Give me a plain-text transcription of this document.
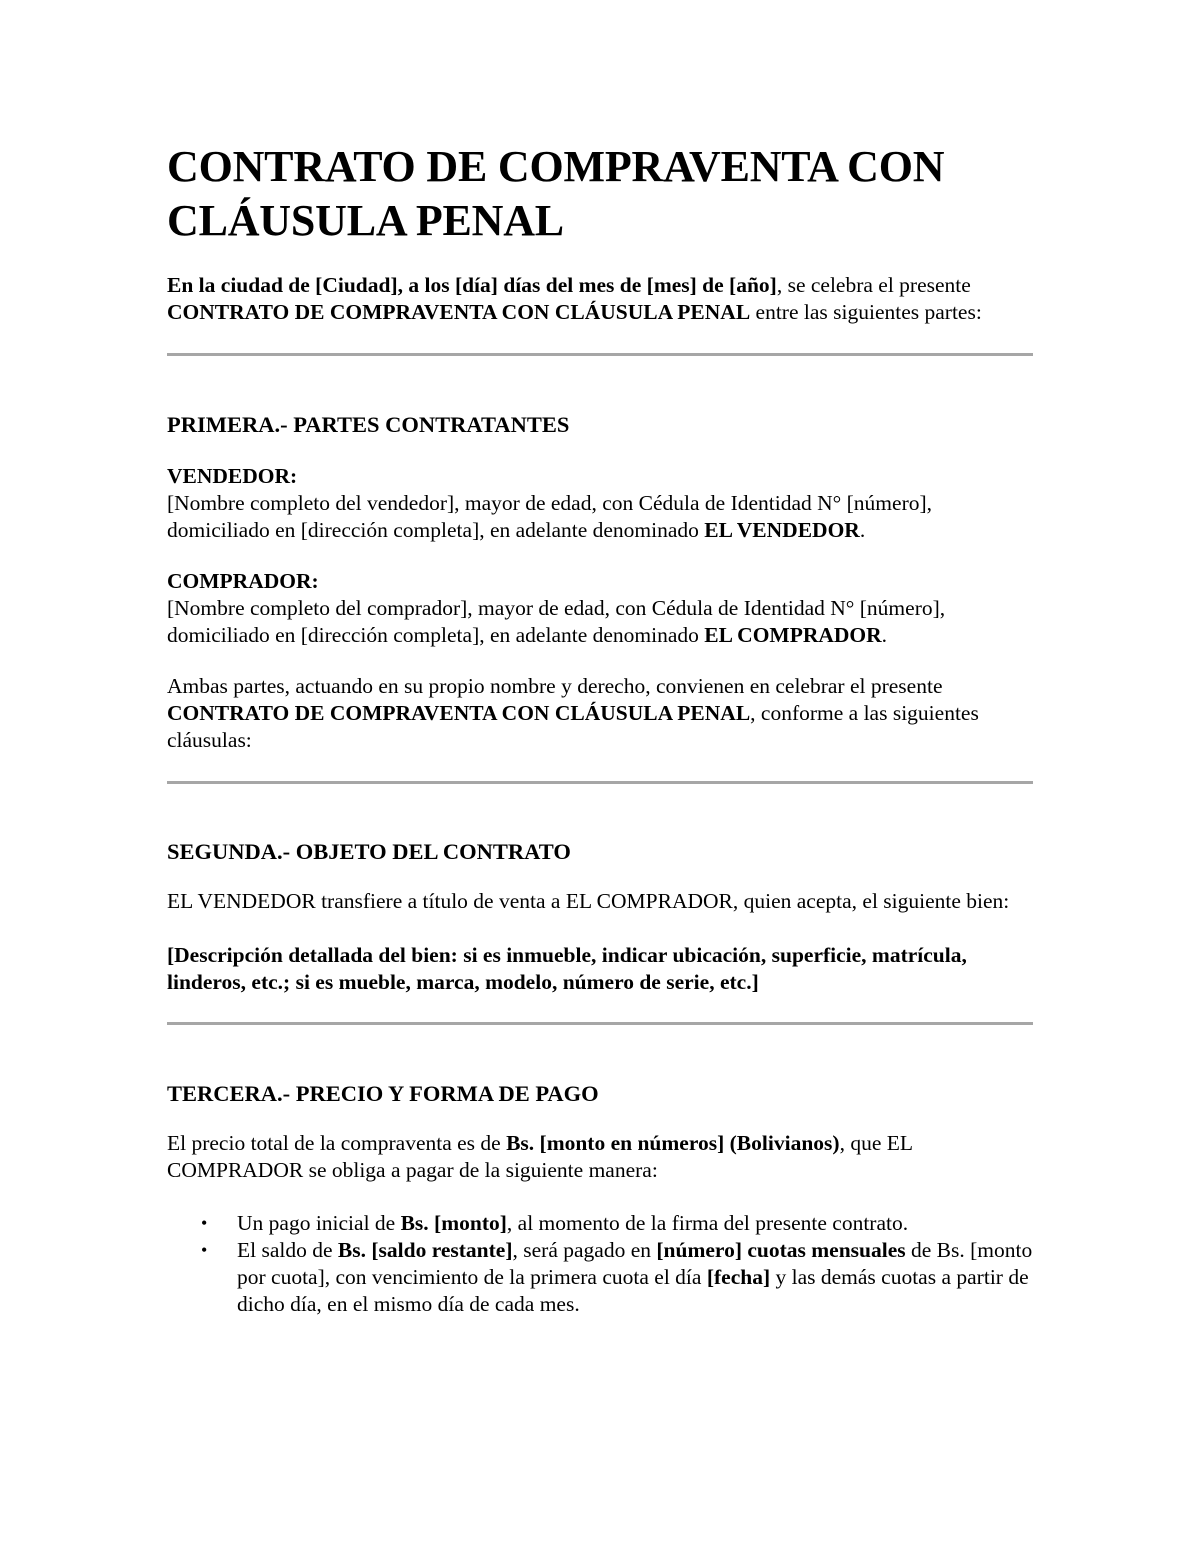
CONTRATO DE COMPRAVENTA CON
CLÁUSULA PENAL

En la ciudad de [Ciudad], a los [día] días del mes de [mes] de [año], se celebra el presente CONTRATO DE COMPRAVENTA CON CLÁUSULA PENAL entre las siguientes partes:

PRIMERA.- PARTES CONTRATANTES

VENDEDOR:

[Nombre completo del vendedor], mayor de edad, con Cédula de Identidad N° [número], domiciliado en [dirección completa], en adelante denominado EL VENDEDOR.

COMPRADOR:

[Nombre completo del comprador], mayor de edad, con Cédula de Identidad N° [número], domiciliado en [dirección completa], en adelante denominado EL COMPRADOR.

Ambas partes, actuando en su propio nombre y derecho, convienen en celebrar el presente CONTRATO DE COMPRAVENTA CON CLÁUSULA PENAL, conforme a las siguientes cláusulas:

SEGUNDA.- OBJETO DEL CONTRATO

EL VENDEDOR transfiere a título de venta a EL COMPRADOR, quien acepta, el siguiente bien:

[Descripción detallada del bien: si es inmueble, indicar ubicación, superficie, matrícula, linderos, etc.; si es mueble, marca, modelo, número de serie, etc.]

TERCERA.- PRECIO Y FORMA DE PAGO

El precio total de la compraventa es de Bs. [monto en números] (Bolivianos), que EL COMPRADOR se obliga a pagar de la siguiente manera:

• Un pago inicial de Bs. [monto], al momento de la firma del presente contrato.
• El saldo de Bs. [saldo restante], será pagado en [número] cuotas mensuales de Bs. [monto por cuota], con vencimiento de la primera cuota el día [fecha] y las demás cuotas a partir de dicho día, en el mismo día de cada mes.
